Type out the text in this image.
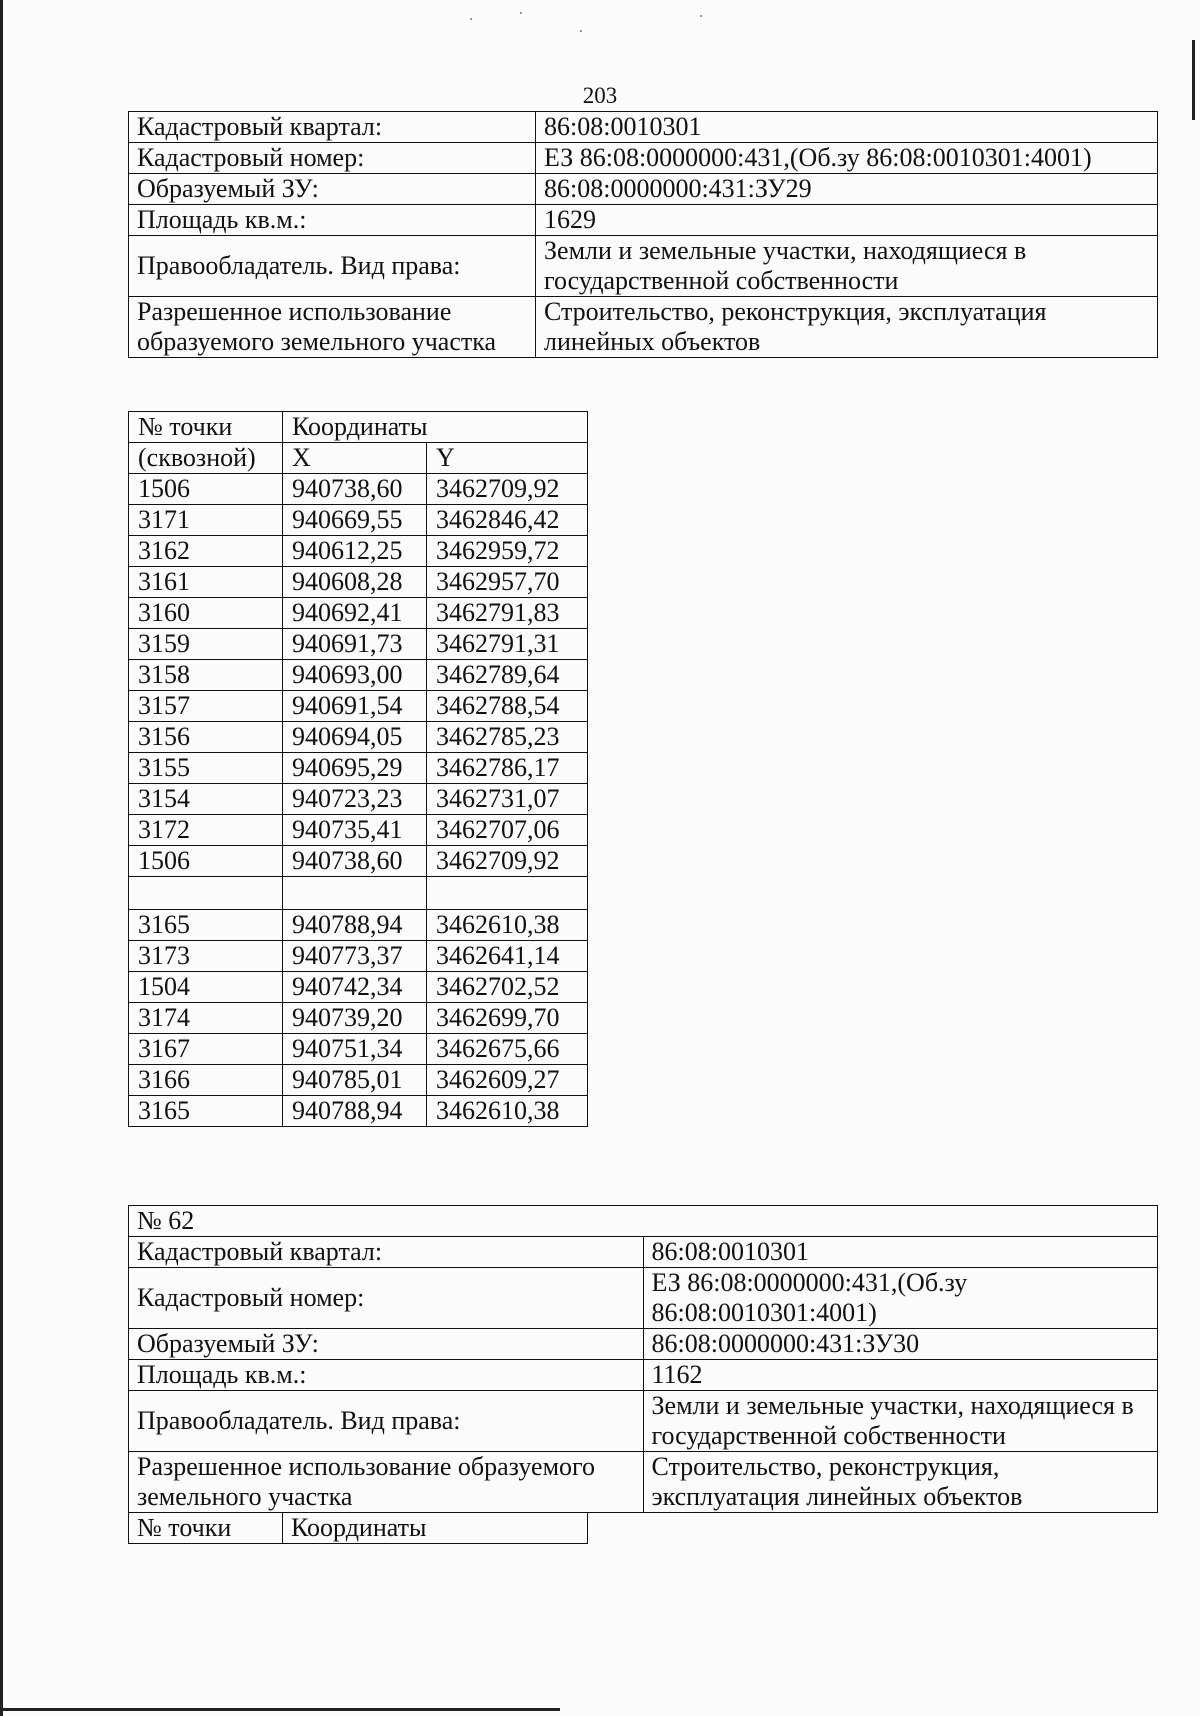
203
Кадастровый квартал:	86:08:0010301
Кадастровый номер:	ЕЗ 86:08:0000000:431,(Об.зу 86:08:0010301:4001)
Образуемый ЗУ:	86:08:0000000:431:ЗУ29
Площадь кв.м.:	1629
Правообладатель. Вид права:	Земли и земельные участки, находящиеся в государственной собственности
Разрешенное использование образуемого земельного участка	Строительство, реконструкция, эксплуатация линейных объектов
№ точки	Координаты	
(сквозной)	X	Y
1506	940738,60	3462709,92
3171	940669,55	3462846,42
3162	940612,25	3462959,72
3161	940608,28	3462957,70
3160	940692,41	3462791,83
3159	940691,73	3462791,31
3158	940693,00	3462789,64
3157	940691,54	3462788,54
3156	940694,05	3462785,23
3155	940695,29	3462786,17
3154	940723,23	3462731,07
3172	940735,41	3462707,06
1506	940738,60	3462709,92

3165	940788,94	3462610,38
3173	940773,37	3462641,14
1504	940742,34	3462702,52
3174	940739,20	3462699,70
3167	940751,34	3462675,66
3166	940785,01	3462609,27
3165	940788,94	3462610,38
№ 62	
Кадастровый квартал:	86:08:0010301
Кадастровый номер:	ЕЗ 86:08:0000000:431,(Об.зу 86:08:0010301:4001)
Образуемый ЗУ:	86:08:0000000:431:ЗУ30
Площадь кв.м.:	1162
Правообладатель. Вид права:	Земли и земельные участки, находящиеся в государственной собственности
Разрешенное использование образуемого земельного участка	Строительство, реконструкция, эксплуатация линейных объектов
№ точки	Координаты
